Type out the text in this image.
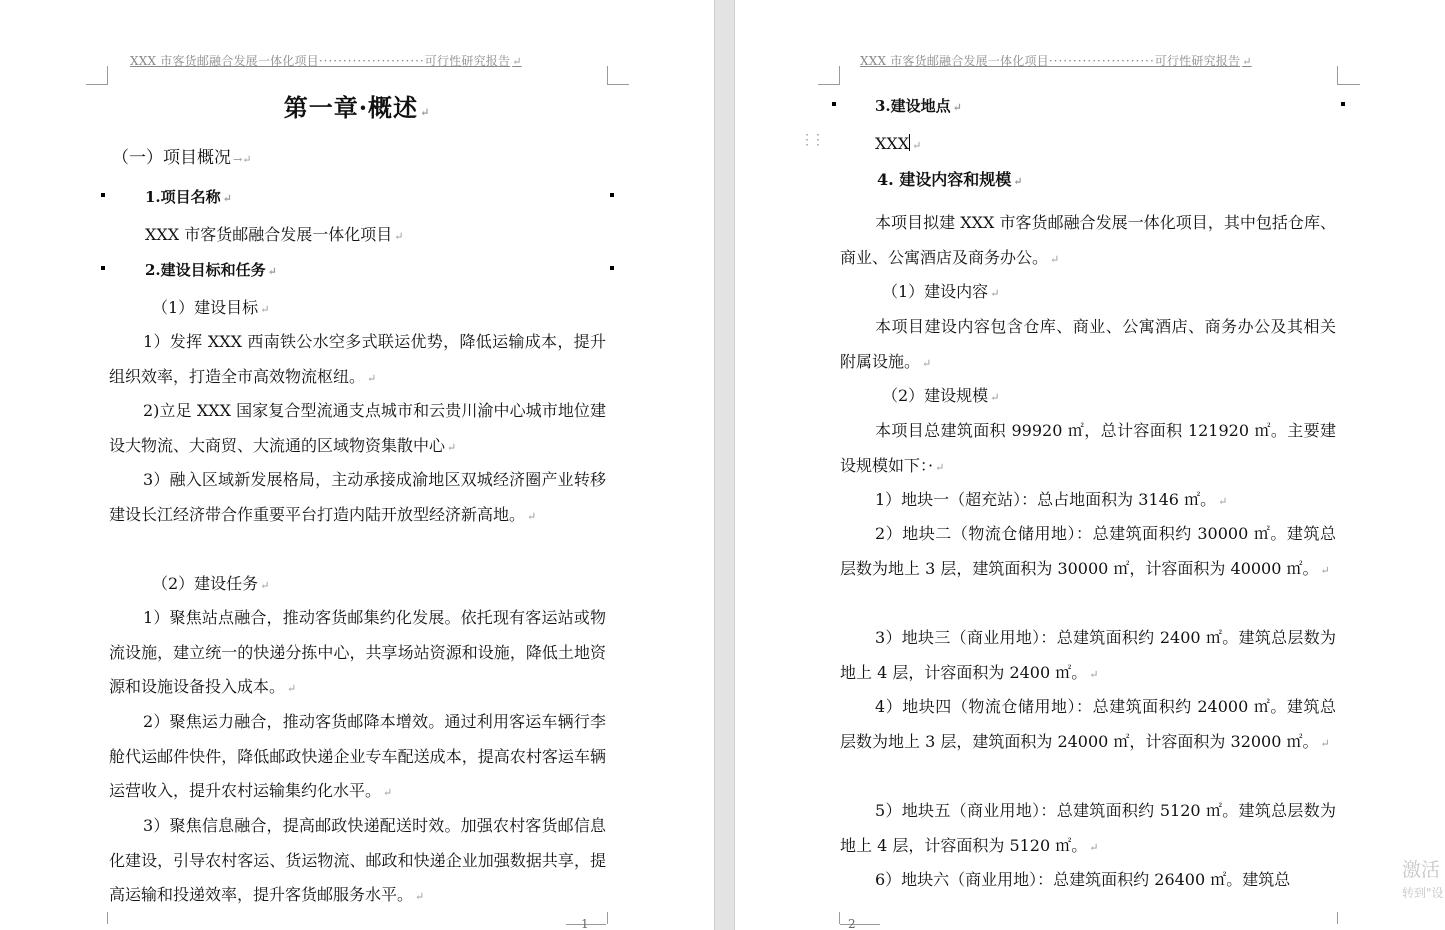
XXX 市客货邮融合发展一体化项目······················可行性研究报告 ↵
第一章·概述 ↵
（一）项目概况 →↵
1.项目名称 ↵
XXX 市客货邮融合发展一体化项目 ↵
2.建设目标和任务 ↵
（1）建设目标 ↵
1）发挥 XXX 西南铁公水空多式联运优势，降低运输成本，提升组织效率，打造全市高效物流枢纽。 ↵
2)立足 XXX 国家复合型流通支点城市和云贵川渝中心城市地位建设大物流、大商贸、大流通的区域物资集散中心 ↵
3）融入区域新发展格局，主动承接成渝地区双城经济圈产业转移建设长江经济带合作重要平台打造内陆开放型经济新高地。 ↵
（2）建设任务 ↵
1）聚焦站点融合，推动客货邮集约化发展。依托现有客运站或物流设施，建立统一的快递分拣中心，共享场站资源和设施，降低土地资源和设施设备投入成本。 ↵
2）聚焦运力融合，推动客货邮降本增效。通过利用客运车辆行李舱代运邮件快件，降低邮政快递企业专车配送成本，提高农村客运车辆运营收入，提升农村运输集约化水平。 ↵
3）聚焦信息融合，提高邮政快递配送时效。加强农村客货邮信息化建设，引导农村客运、货运物流、邮政和快递企业加强数据共享，提高运输和投递效率，提升客货邮服务水平。 ↵
1
XXX 市客货邮融合发展一体化项目······················可行性研究报告 ↵
3.建设地点 ↵
⋮⋮	XXX ↵
4. 建设内容和规模 ↵
本项目拟建 XXX 市客货邮融合发展一体化项目，其中包括仓库、商业、公寓酒店及商务办公。 ↵
（1）建设内容 ↵
本项目建设内容包含仓库、商业、公寓酒店、商务办公及其相关附属设施。 ↵
（2）建设规模 ↵
本项目总建筑面积 99920 ㎡，总计容面积 121920 ㎡。主要建设规模如下：· ↵
1）地块一（超充站）：总占地面积为 3146 ㎡。 ↵
2）地块二（物流仓储用地）：总建筑面积约 30000 ㎡。建筑总层数为地上 3 层，建筑面积为 30000 ㎡，计容面积为 40000 ㎡。 ↵
3）地块三（商业用地）：总建筑面积约 2400 ㎡。建筑总层数为地上 4 层，计容面积为 2400 ㎡。 ↵
4）地块四（物流仓储用地）：总建筑面积约 24000 ㎡。建筑总层数为地上 3 层，建筑面积为 24000 ㎡，计容面积为 32000 ㎡。 ↵
5）地块五（商业用地）：总建筑面积约 5120 ㎡。建筑总层数为地上 4 层，计容面积为 5120 ㎡。 ↵
6）地块六（商业用地）：总建筑面积约 26400 ㎡。建筑总
2
激活
转到"设
